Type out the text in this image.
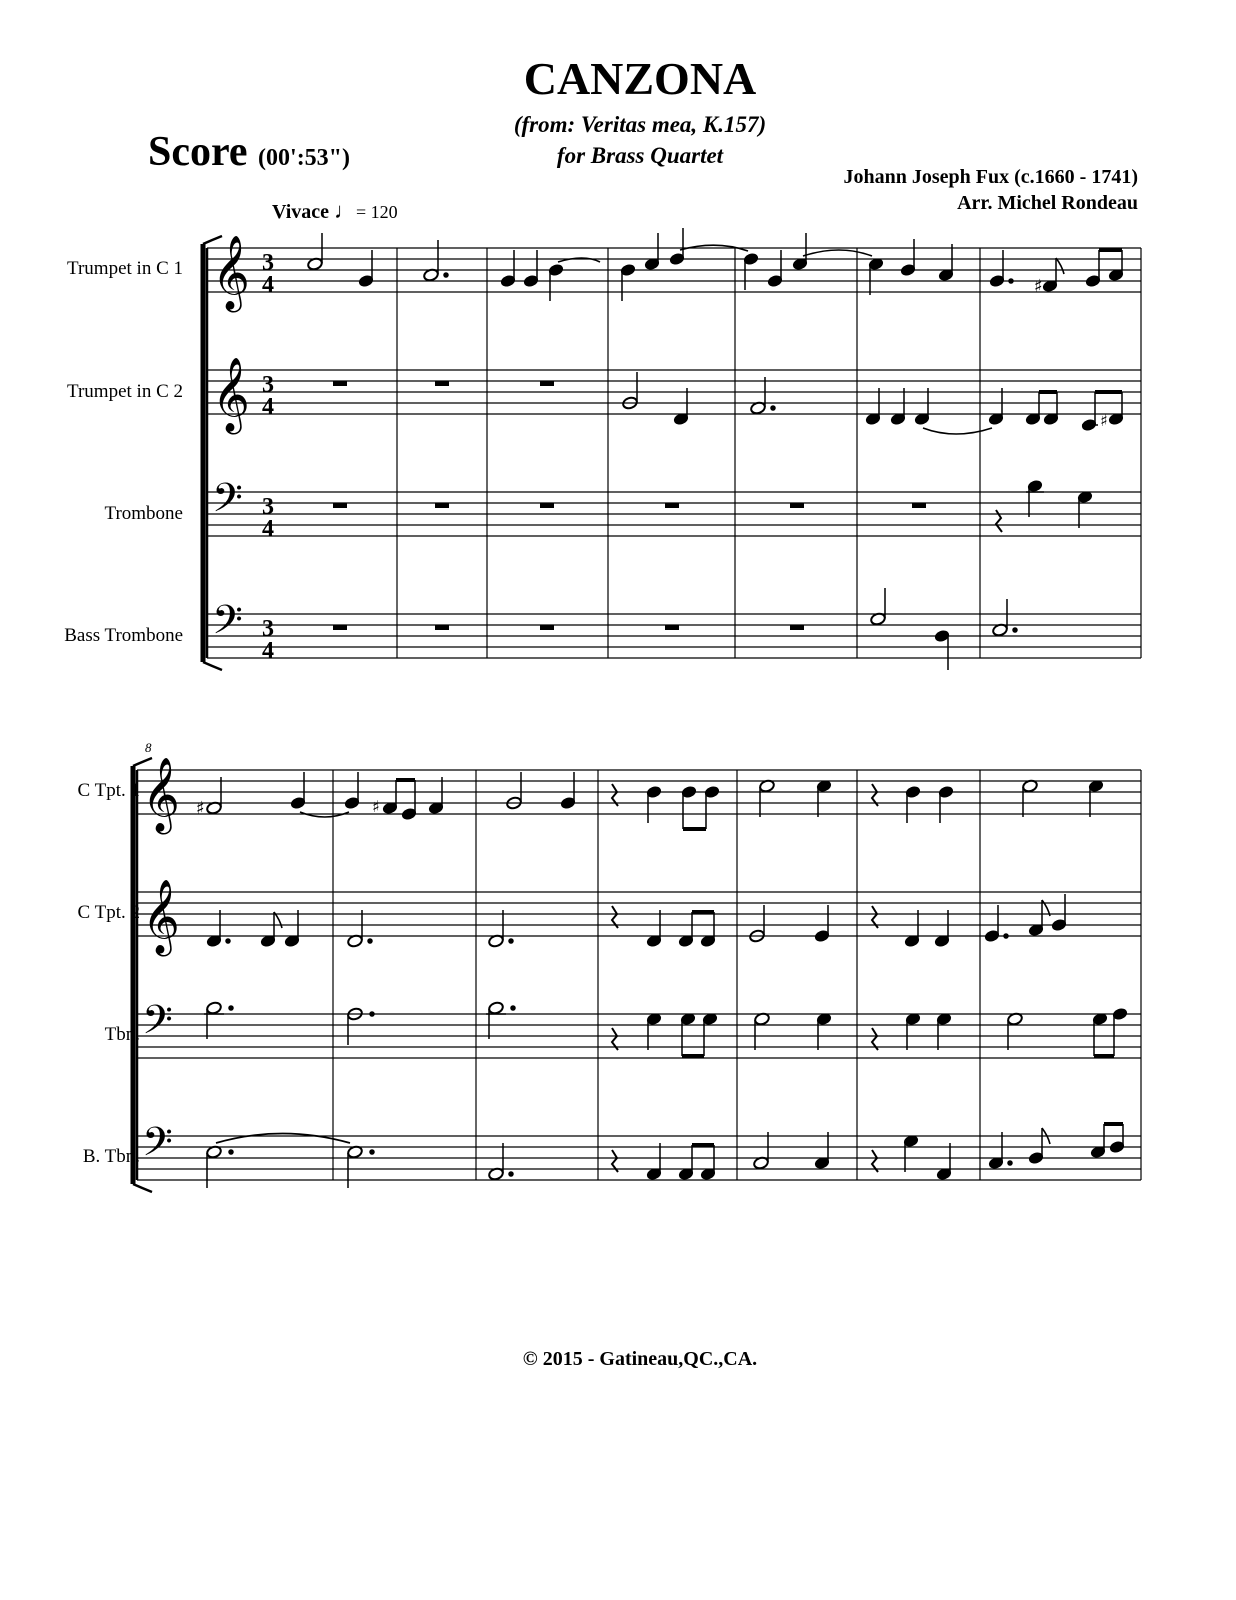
CANZONA
(from: Veritas mea, K.157)
for Brass Quartet
Score (00':53")
Johann Joseph Fux (c.1660 - 1741)
Arr. Michel Rondeau
Vivace ♩= 120
Trumpet in C 1
Trumpet in C 2
Trombone
Bass Trombone
C Tpt. 1
C Tpt. 2
Tbn.
B. Tbn.
𝄞
𝄞
𝄢
𝄢
3
4
3
4
3
4
3
4
♯
♯
8
𝄞
𝄞
𝄢
𝄢
♯	♯
© 2015 - Gatineau,QC.,CA.
